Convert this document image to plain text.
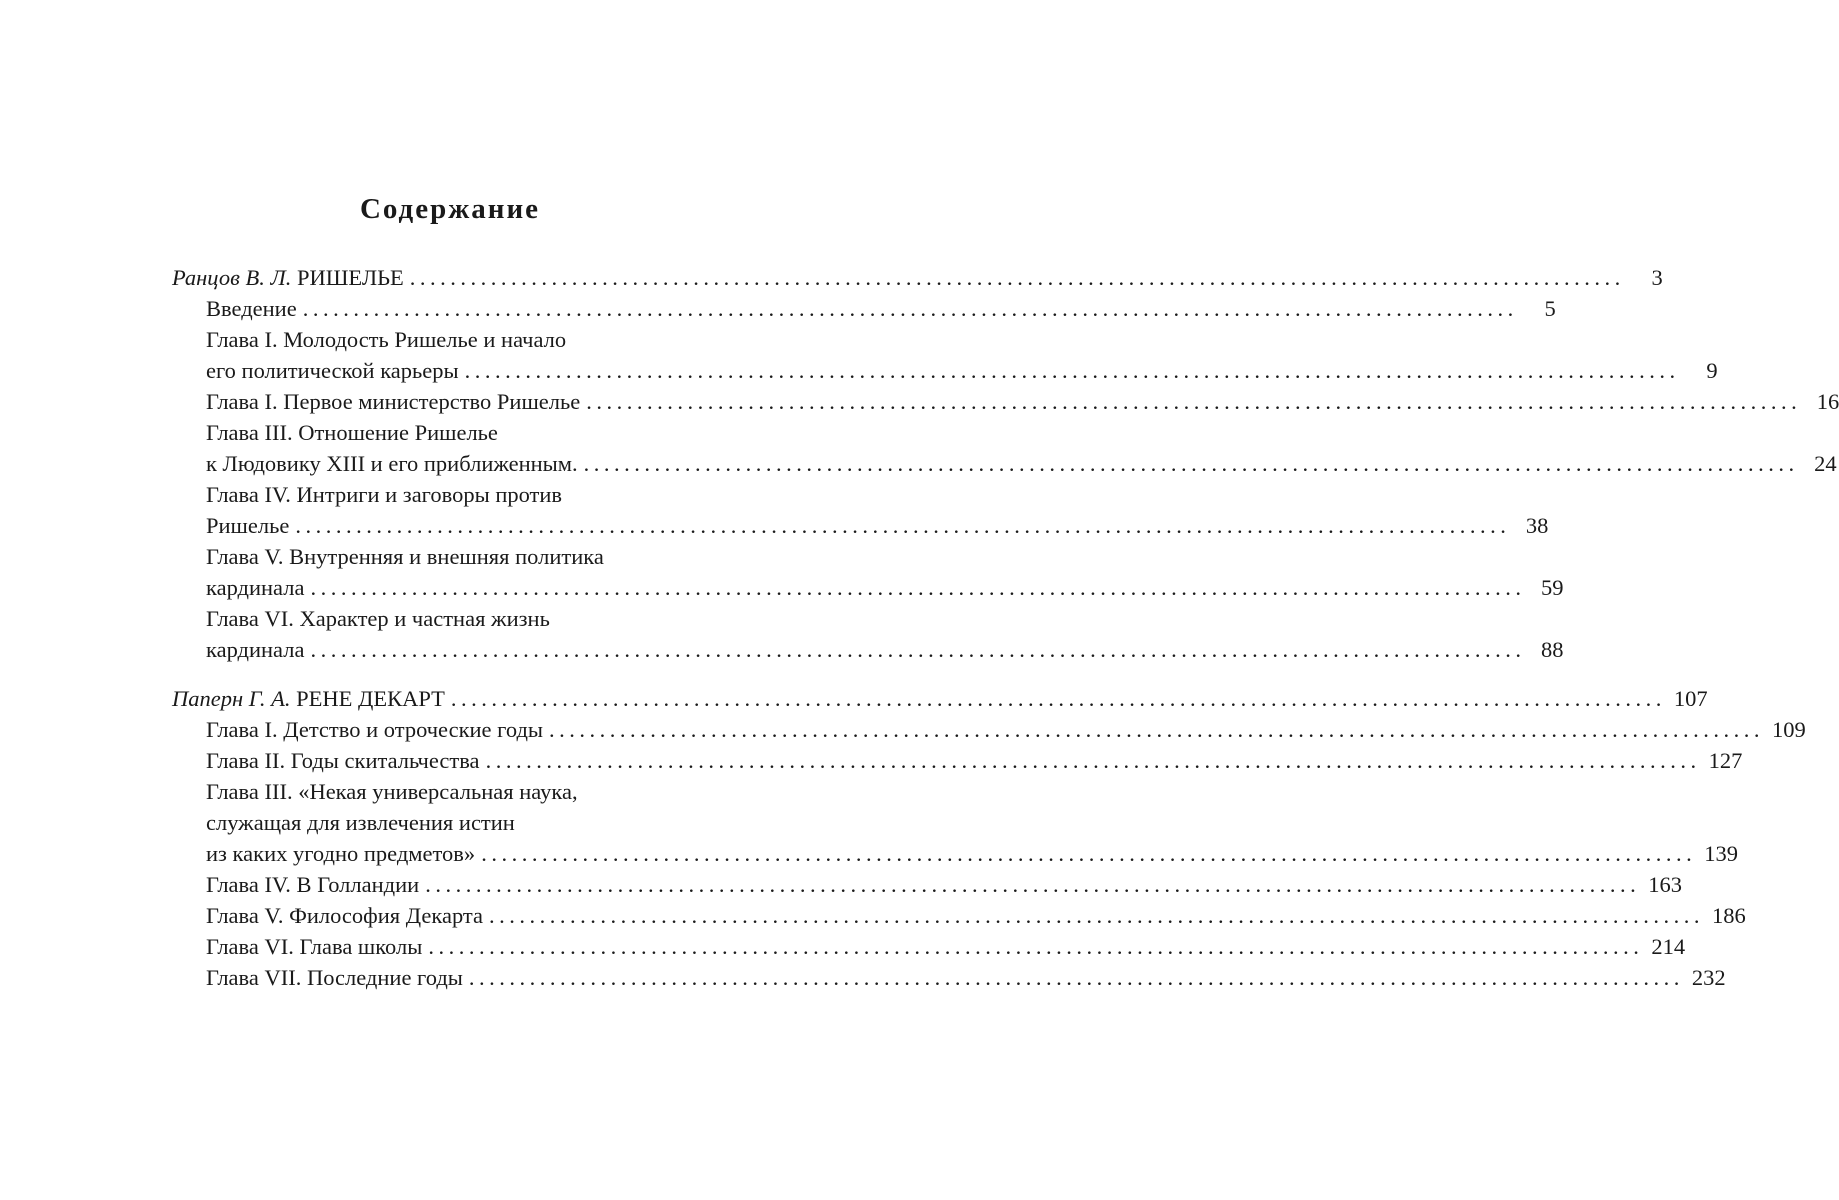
Содержание
Ранцов В. Л. РИШЕЛЬЕ ........................................................................................................................	3
Введение ........................................................................................................................	5
Глава I. Молодость Ришелье и начало
его политической карьеры ........................................................................................................................	9
Глава I. Первое министерство Ришелье ........................................................................................................................ 16
Глава III. Отношение Ришелье
к Людовику XIII и его приближенным. ........................................................................................................................ 24
Глава IV. Интриги и заговоры против
Ришелье ........................................................................................................................ 38
Глава V. Внутренняя и внешняя политика
кардинала ........................................................................................................................ 59
Глава VI. Характер и частная жизнь
кардинала ........................................................................................................................ 88
Паперн Г. А. РЕНЕ ДЕКАРТ ........................................................................................................................ 107
Глава I. Детство и отроческие годы ........................................................................................................................ 109
Глава II. Годы скитальчества ........................................................................................................................ 127
Глава III. «Некая универсальная наука,
служащая для извлечения истин
из каких угодно предметов» ........................................................................................................................ 139
Глава IV. В Голландии ........................................................................................................................ 163
Глава V. Философия Декарта ........................................................................................................................ 186
Глава VI. Глава школы ........................................................................................................................ 214
Глава VII. Последние годы ........................................................................................................................ 232
